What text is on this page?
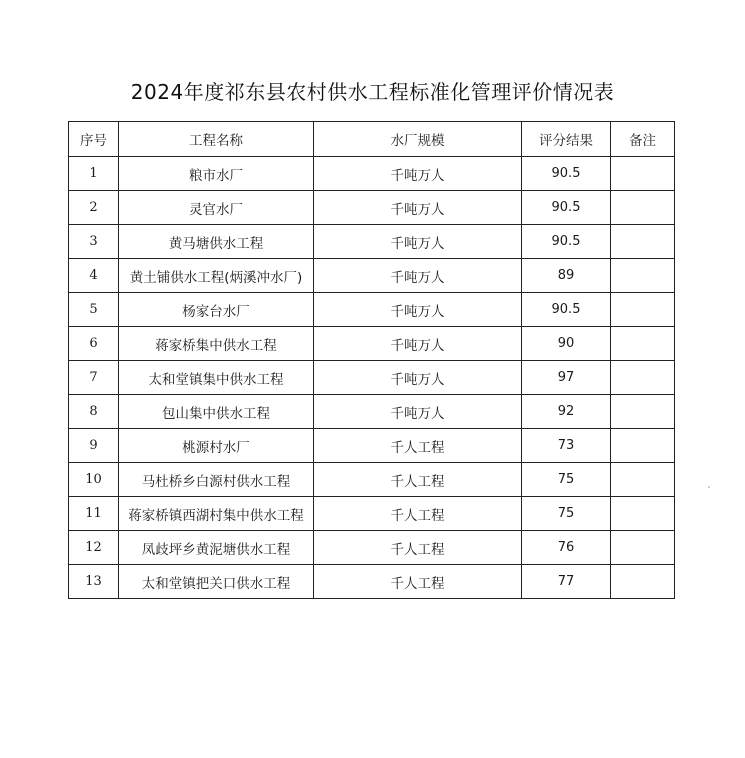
2024年度祁东县农村供水工程标准化管理评价情况表
序号	工程名称	水厂规模	评分结果	备注
1	粮市水厂	千吨万人	90.5	
2	灵官水厂	千吨万人	90.5	
3	黄马塘供水工程	千吨万人	90.5	
4	黄土铺供水工程(炳溪冲水厂)	千吨万人	89	
5	杨家台水厂	千吨万人	90.5	
6	蒋家桥集中供水工程	千吨万人	90	
7	太和堂镇集中供水工程	千吨万人	97	
8	包山集中供水工程	千吨万人	92	
9	桃源村水厂	千人工程	73	
10	马杜桥乡白源村供水工程	千人工程	75	
11	蒋家桥镇西湖村集中供水工程	千人工程	75	
12	凤歧坪乡黄泥塘供水工程	千人工程	76	
13	太和堂镇把关口供水工程	千人工程	77	
